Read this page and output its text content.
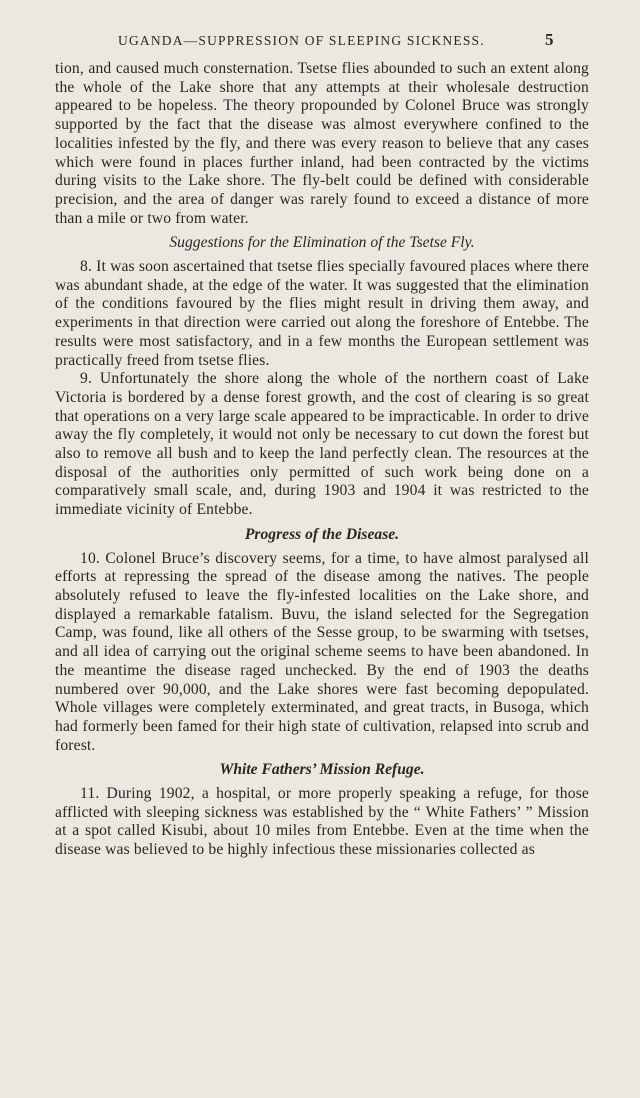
UGANDA—SUPPRESSION OF SLEEPING SICKNESS.	5

tion, and caused much consternation. Tsetse flies abounded to such an extent along the whole of the Lake shore that any attempts at their wholesale destruction appeared to be hopeless. The theory propounded by Colonel Bruce was strongly supported by the fact that the disease was almost everywhere confined to the localities infested by the fly, and there was every reason to believe that any cases which were found in places further inland, had been contracted by the victims during visits to the Lake shore. The fly-belt could be defined with considerable precision, and the area of danger was rarely found to exceed a distance of more than a mile or two from water.

Suggestions for the Elimination of the Tsetse Fly.

8. It was soon ascertained that tsetse flies specially favoured places where there was abundant shade, at the edge of the water. It was suggested that the elimination of the conditions favoured by the flies might result in driving them away, and experiments in that direction were carried out along the foreshore of Entebbe. The results were most satisfactory, and in a few months the European settlement was practically freed from tsetse flies.

9. Unfortunately the shore along the whole of the northern coast of Lake Victoria is bordered by a dense forest growth, and the cost of clearing is so great that operations on a very large scale appeared to be impracticable. In order to drive away the fly completely, it would not only be necessary to cut down the forest but also to remove all bush and to keep the land perfectly clean. The resources at the disposal of the authorities only permitted of such work being done on a comparatively small scale, and, during 1903 and 1904 it was restricted to the immediate vicinity of Entebbe.

Progress of the Disease.

10. Colonel Bruce’s discovery seems, for a time, to have almost paralysed all efforts at repressing the spread of the disease among the natives. The people absolutely refused to leave the fly-infested localities on the Lake shore, and displayed a remarkable fatalism. Buvu, the island selected for the Segregation Camp, was found, like all others of the Sesse group, to be swarming with tsetses, and all idea of carrying out the original scheme seems to have been abandoned. In the meantime the disease raged unchecked. By the end of 1903 the deaths numbered over 90,000, and the Lake shores were fast becoming depopulated. Whole villages were completely exterminated, and great tracts, in Busoga, which had formerly been famed for their high state of cultivation, relapsed into scrub and forest.

White Fathers’ Mission Refuge.

11. During 1902, a hospital, or more properly speaking a refuge, for those afflicted with sleeping sickness was established by the “ White Fathers’ ” Mission at a spot called Kisubi, about 10 miles from Entebbe. Even at the time when the disease was believed to be highly infectious these missionaries collected as
